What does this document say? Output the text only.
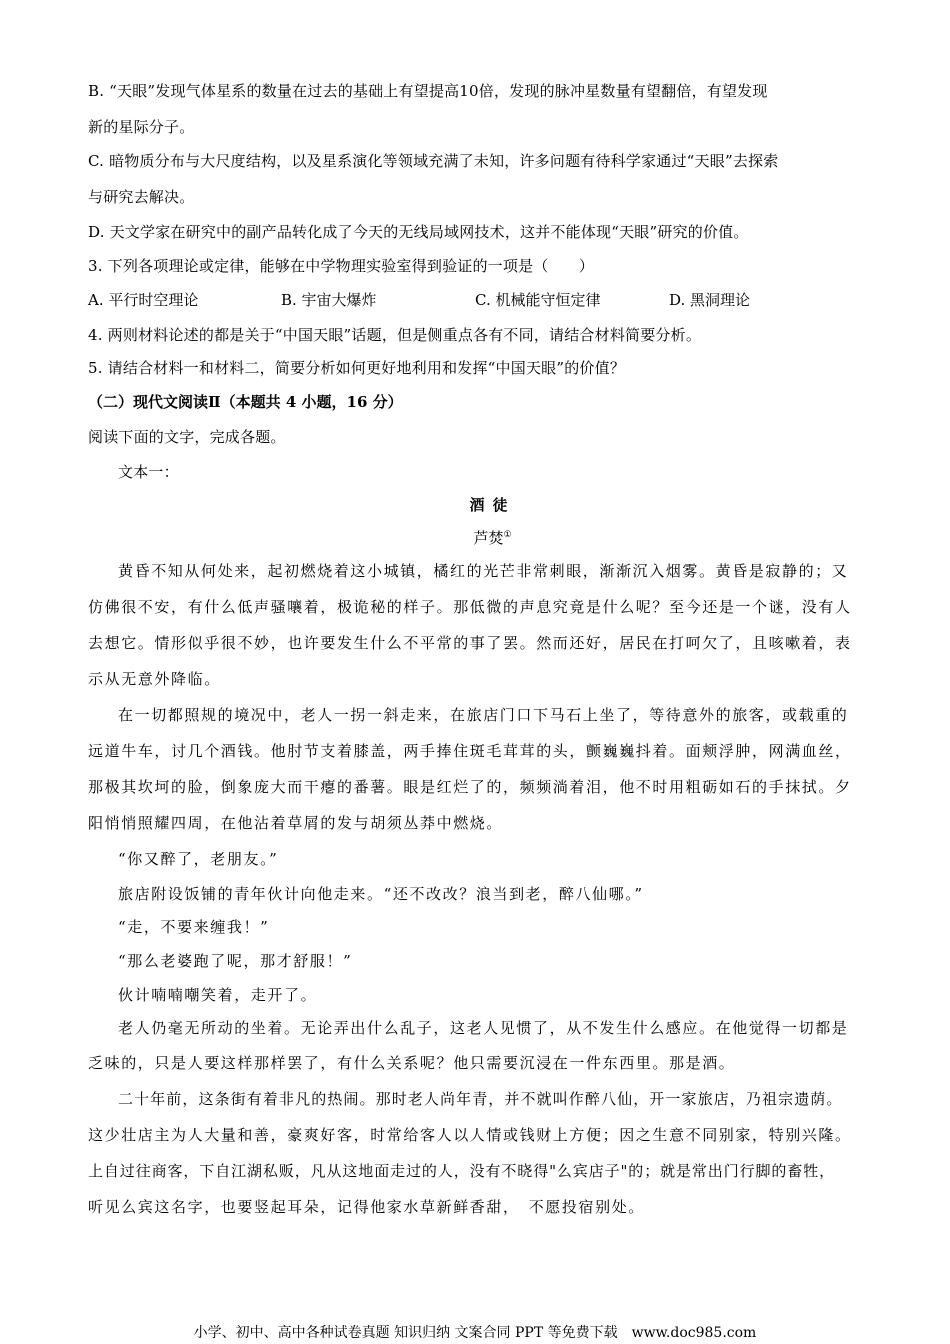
B. “天眼”发现气体星系的数量在过去的基础上有望提高10倍，发现的脉冲星数量有望翻倍，有望发现
新的星际分子。
C. 暗物质分布与大尺度结构，以及星系演化等领域充满了未知，许多问题有待科学家通过“天眼”去探索
与研究去解决。
D. 天文学家在研究中的副产品转化成了今天的无线局域网技术，这并不能体现“天眼”研究的价值。
3. 下列各项理论或定律，能够在中学物理实验室得到验证的一项是（　　）
A. 平行时空理论	B. 宇宙大爆炸	C. 机械能守恒定律	D. 黑洞理论
4. 两则材料论述的都是关于“中国天眼”话题，但是侧重点各有不同，请结合材料简要分析。
5. 请结合材料一和材料二，简要分析如何更好地利用和发挥“中国天眼”的价值？
（二）现代文阅读Ⅱ（本题共 4 小题，16 分）
阅读下面的文字，完成各题。
文本一：
酒徒
芦焚①
黄昏不知从何处来，起初燃烧着这小城镇，橘红的光芒非常刺眼，渐渐沉入烟雾。黄昏是寂静的；又
仿佛很不安，有什么低声骚嚷着，极诡秘的样子。那低微的声息究竟是什么呢？至今还是一个谜，没有人
去想它。情形似乎很不妙，也许要发生什么不平常的事了罢。然而还好，居民在打呵欠了，且咳嗽着，表
示从无意外降临。
在一切都照规的境况中，老人一拐一斜走来，在旅店门口下马石上坐了，等待意外的旅客，或载重的
远道牛车，讨几个酒钱。他肘节支着膝盖，两手捧住斑毛茸茸的头，颤巍巍抖着。面颊浮肿，网满血丝，
那极其坎坷的脸，倒象庞大而干瘪的番薯。眼是红烂了的，频频淌着泪，他不时用粗砺如石的手抹拭。夕
阳悄悄照耀四周，在他沾着草屑的发与胡须丛莽中燃烧。
“你又醉了，老朋友。”
旅店附设饭铺的青年伙计向他走来。“还不改改？浪当到老，醉八仙哪。”
“走，不要来缠我！”
“那么老婆跑了呢，那才舒服！”
伙计喃喃嘲笑着，走开了。
老人仍毫无所动的坐着。无论弄出什么乱子，这老人见惯了，从不发生什么感应。在他觉得一切都是
乏味的，只是人要这样那样罢了，有什么关系呢？他只需要沉浸在一件东西里。那是酒。
二十年前，这条街有着非凡的热闹。那时老人尚年青，并不就叫作醉八仙，开一家旅店，乃祖宗遗荫。
这少壮店主为人大量和善，豪爽好客，时常给客人以人情或钱财上方便；因之生意不同别家，特别兴隆。
上自过往商客，下自江湖私贩，凡从这地面走过的人，没有不晓得"么宾店子"的；就是常出门行脚的畜牲，
听见么宾这名字，也要竖起耳朵，记得他家水草新鲜香甜，　不愿投宿别处。
小学、初中、高中各种试卷真题 知识归纳 文案合同 PPT 等免费下载　www.doc985.com
